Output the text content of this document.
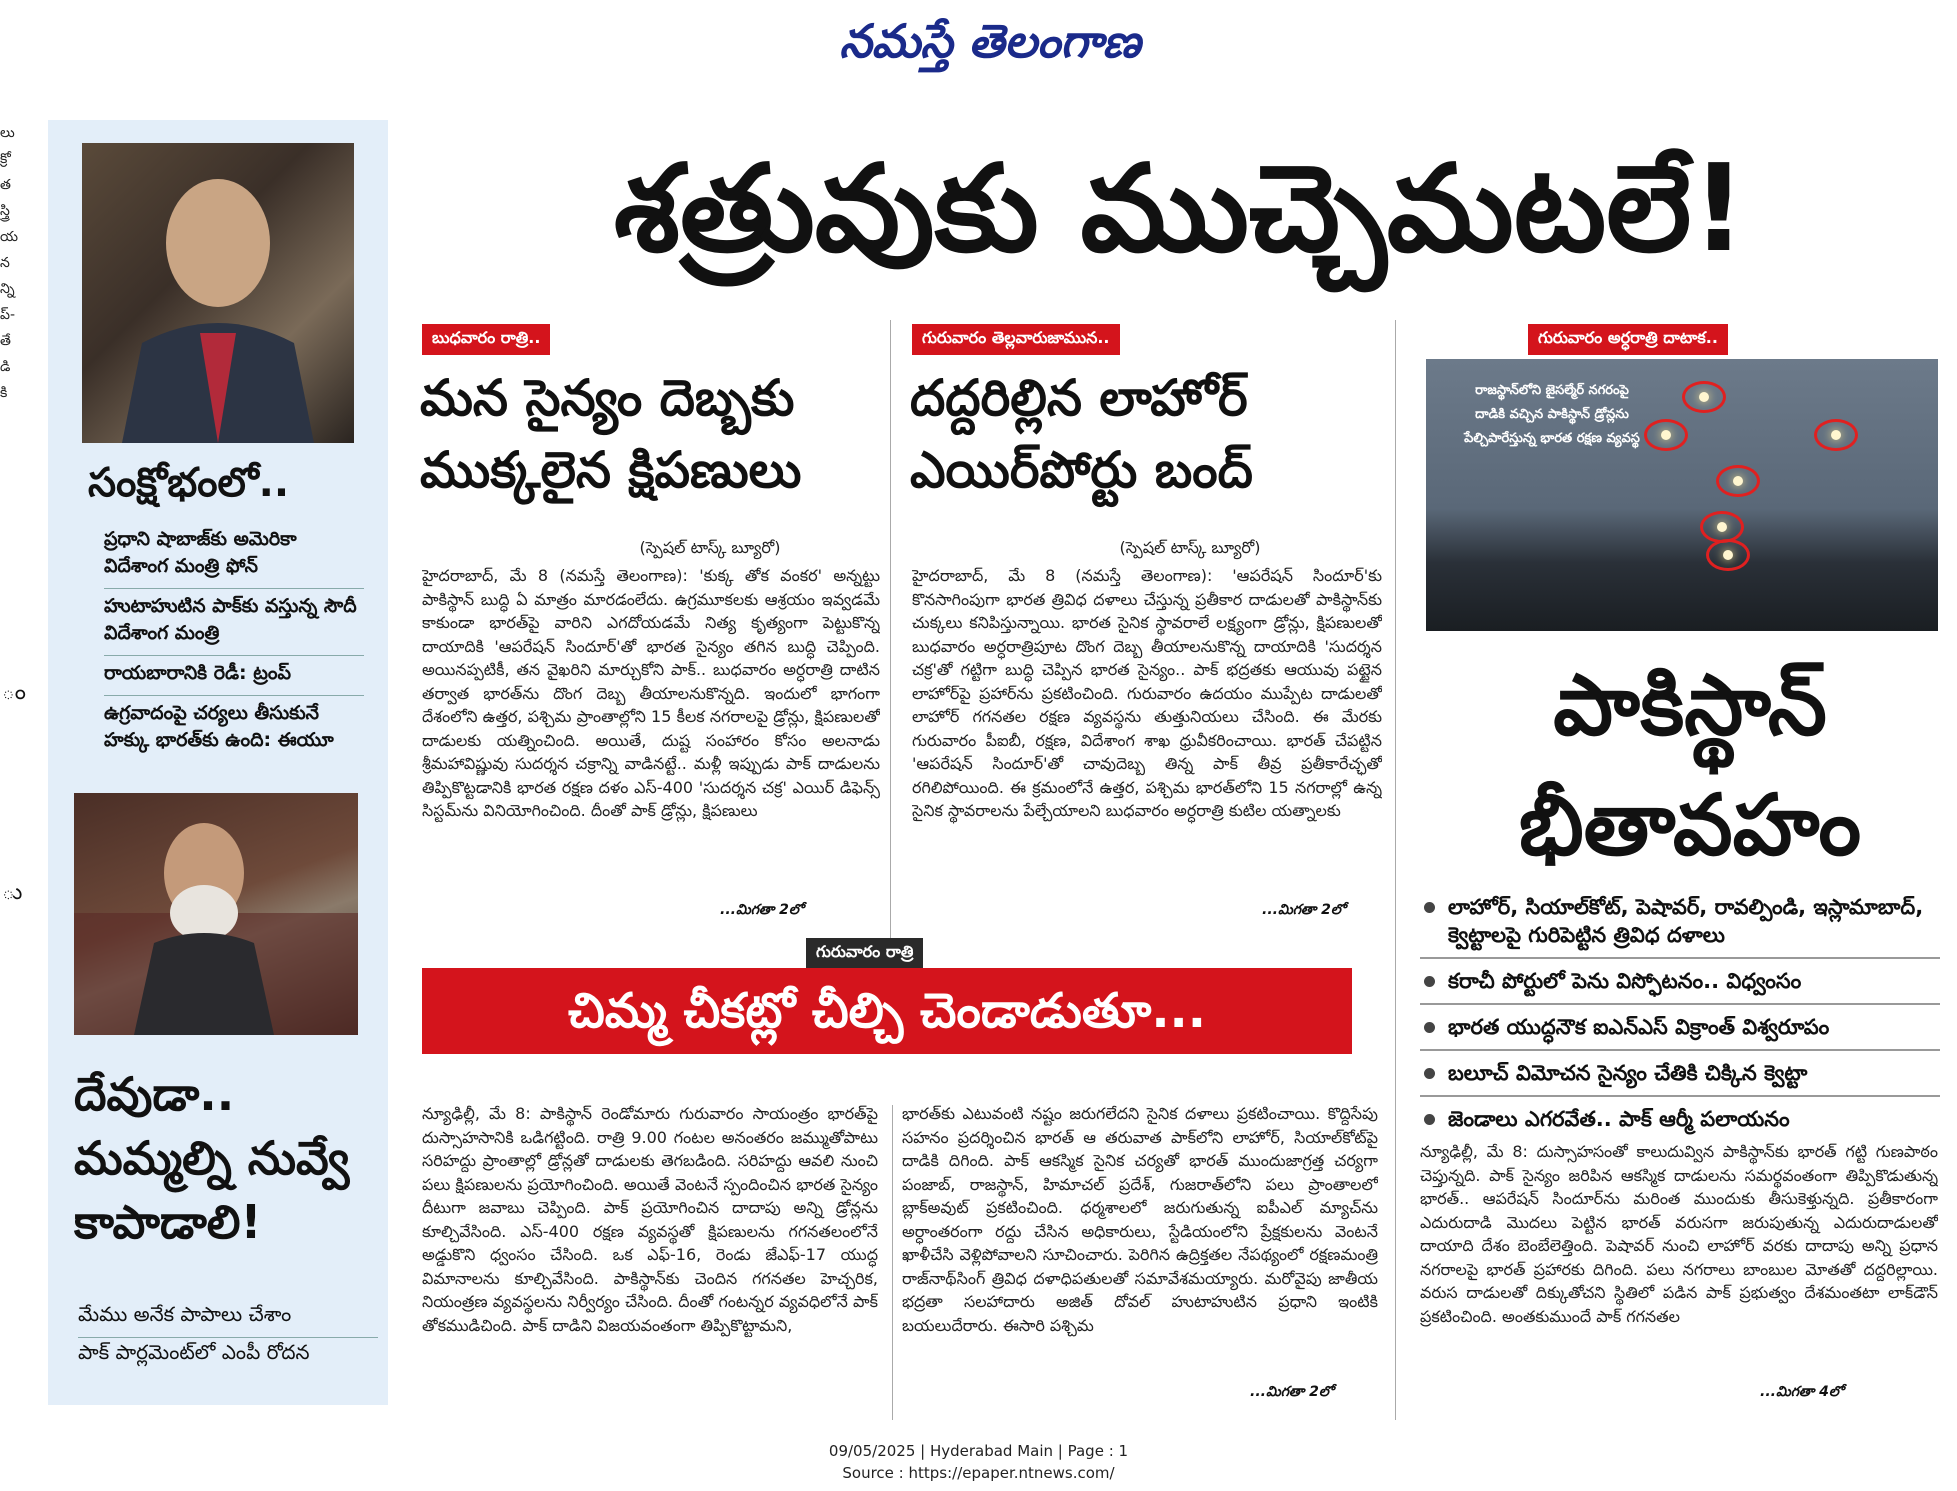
నమస్తే తెలంగాణ
లు
క్రో
త
స్త్రి
య
న
న్ని
ప్-
తే
డి కి
ం
ు
సంక్షోభంలో..

ప్రధాని షాబాజ్‌కు అమెరికా విదేశాంగ మంత్రి ఫోన్

హుటాహుటిన పాక్‌కు వస్తున్న సౌదీ విదేశాంగ మంత్రి

రాయబారానికి రెడీ: ట్రంప్

ఉగ్రవాదంపై చర్యలు తీసుకునే హక్కు భారత్‌కు ఉంది: ఈయూ

దేవుడా.. మమ్మల్ని నువ్వే కాపాడాలి!
మేము అనేక పాపాలు చేశాం
పాక్ పార్లమెంట్‌లో ఎంపీ రోదన
శత్రువుకు ముచ్చెమటలే!
బుధవారం రాత్రి..
మన సైన్యం దెబ్బకు ముక్కలైన క్షిపణులు
(స్పెషల్ టాస్క్ బ్యూరో)

హైదరాబాద్, మే 8 (నమస్తే తెలంగాణ): 'కుక్క తోక వంకర' అన్నట్టు పాకిస్థాన్ బుద్ధి ఏ మాత్రం మారడంలేదు. ఉగ్రమూకలకు ఆశ్రయం ఇవ్వడమే కాకుండా భారత్‌పై వారిని ఎగదోయడమే నిత్య కృత్యంగా పెట్టుకొన్న దాయాదికి 'ఆపరేషన్ సిందూర్'తో భారత సైన్యం తగిన బుద్ధి చెప్పింది. అయినప్పటికీ, తన వైఖరిని మార్చుకోని పాక్.. బుధవారం అర్ధరాత్రి దాటిన తర్వాత భారత్‌ను దొంగ దెబ్బ తీయాలనుకొన్నది. ఇందులో భాగంగా దేశంలోని ఉత్తర, పశ్చిమ ప్రాంతాల్లోని 15 కీలక నగరాలపై డ్రోన్లు, క్షిపణులతో దాడులకు యత్నించింది. అయితే, దుష్ట సంహారం కోసం అలనాడు శ్రీమహావిష్ణువు సుదర్శన చక్రాన్ని వాడినట్టే.. మళ్లీ ఇప్పుడు పాక్ దాడులను తిప్పికొట్టడానికి భారత రక్షణ దళం ఎస్-400 'సుదర్శన చక్ర' ఎయిర్ డిఫెన్స్ సిస్టమ్‌ను వినియోగించింది. దీంతో పాక్ డ్రోన్లు, క్షిపణులు

...మిగతా 2లో
గురువారం తెల్లవారుజామున..
దద్దరిల్లిన లాహోర్ ఎయిర్‌పోర్టు బంద్
(స్పెషల్ టాస్క్ బ్యూరో)

హైదరాబాద్, మే 8 (నమస్తే తెలంగాణ): 'ఆపరేషన్ సిందూర్'కు కొనసాగింపుగా భారత త్రివిధ దళాలు చేస్తున్న ప్రతీకార దాడులతో పాకిస్థాన్‌కు చుక్కలు కనిపిస్తున్నాయి. భారత సైనిక స్థావరాలే లక్ష్యంగా డ్రోన్లు, క్షిపణులతో బుధవారం అర్ధరాత్రిపూట దొంగ దెబ్బ తీయాలనుకొన్న దాయాదికి 'సుదర్శన చక్ర'తో గట్టిగా బుద్ధి చెప్పిన భారత సైన్యం.. పాక్ భద్రతకు ఆయువు పట్టైన లాహోర్‌పై ప్రహార్‌ను ప్రకటించింది. గురువారం ఉదయం ముప్పేట దాడులతో లాహోర్ గగనతల రక్షణ వ్యవస్థను తుత్తునియలు చేసింది. ఈ మేరకు గురువారం పీఐబీ, రక్షణ, విదేశాంగ శాఖ ధ్రువీకరించాయి. భారత్ చేపట్టిన 'ఆపరేషన్ సిందూర్'తో చావుదెబ్బ తిన్న పాక్ తీవ్ర ప్రతీకారేచ్ఛతో రగిలిపోయింది. ఈ క్రమంలోనే ఉత్తర, పశ్చిమ భారత్‌లోని 15 నగరాల్లో ఉన్న సైనిక స్థావరాలను పేల్చేయాలని బుధవారం అర్ధరాత్రి కుటిల యత్నాలకు

...మిగతా 2లో
గురువారం అర్ధరాత్రి దాటాక..
రాజస్థాన్‌లోని జైసల్మేర్ నగరంపై దాడికి వచ్చిన పాకిస్థాన్ డ్రోన్లను పేల్చిపారేస్తున్న భారత రక్షణ వ్యవస్థ
పాకిస్థాన్ భీతావహం
లాహోర్, సియాల్‌కోట్, పెషావర్, రావల్పిండి, ఇస్లామాబాద్, క్వెట్టాలపై గురిపెట్టిన త్రివిధ దళాలు
కరాచీ పోర్టులో పెను విస్ఫోటనం.. విధ్వంసం
భారత యుద్ధనౌక ఐఎన్ఎస్ విక్రాంత్ విశ్వరూపం
బలూచ్ విమోచన సైన్యం చేతికి చిక్కిన క్వెట్టా
జెండాలు ఎగరవేత.. పాక్ ఆర్మీ పలాయనం

న్యూఢిల్లీ, మే 8: దుస్సాహసంతో కాలుదువ్విన పాకిస్థాన్‌కు భారత్ గట్టి గుణపాఠం చెప్తున్నది. పాక్ సైన్యం జరిపిన ఆకస్మిక దాడులను సమర్థవంతంగా తిప్పికొడుతున్న భారత్.. ఆపరేషన్ సిందూర్‌ను మరింత ముందుకు తీసుకెళ్తున్నది. ప్రతీకారంగా ఎదురుదాడి మొదలు పెట్టిన భారత్ వరుసగా జరుపుతున్న ఎదురుదాడులతో దాయాది దేశం బెంబేలెత్తింది. పెషావర్ నుంచి లాహోర్ వరకు దాదాపు అన్ని ప్రధాన నగరాలపై భారత్ ప్రహారకు దిగింది. పలు నగరాలు బాంబుల మోతతో దద్దరిల్లాయి. వరుస దాడులతో దిక్కుతోచని స్థితిలో పడిన పాక్ ప్రభుత్వం దేశమంతటా లాక్‌డౌన్ ప్రకటించింది. అంతకుముందే పాక్ గగనతల

...మిగతా 4లో
గురువారం రాత్రి
చిమ్మ చీకట్లో చీల్చి చెండాడుతూ...

న్యూఢిల్లీ, మే 8: పాకిస్థాన్ రెండోమారు గురువారం సాయంత్రం భారత్‌పై దుస్సాహసానికి ఒడిగట్టింది. రాత్రి 9.00 గంటల అనంతరం జమ్ముతోపాటు సరిహద్దు ప్రాంతాల్లో డ్రోన్లతో దాడులకు తెగబడింది. సరిహద్దు ఆవలి నుంచి పలు క్షిపణులను ప్రయోగించింది. అయితే వెంటనే స్పందించిన భారత సైన్యం దీటుగా జవాబు చెప్పింది. పాక్ ప్రయోగించిన దాదాపు అన్ని డ్రోన్లను కూల్చివేసింది. ఎస్-400 రక్షణ వ్యవస్థతో క్షిపణులను గగనతలంలోనే అడ్డుకొని ధ్వంసం చేసింది. ఒక ఎఫ్-16, రెండు జేఎఫ్-17 యుద్ధ విమానాలను కూల్చివేసింది. పాకిస్థాన్‌కు చెందిన గగనతల హెచ్చరిక, నియంత్రణ వ్యవస్థలను నిర్వీర్యం చేసింది. దీంతో గంటన్నర వ్యవధిలోనే పాక్ తోకముడిచింది. పాక్ దాడిని విజయవంతంగా తిప్పికొట్టామని,

భారత్‌కు ఎటువంటి నష్టం జరుగలేదని సైనిక దళాలు ప్రకటించాయి. కొద్దిసేపు సహనం ప్రదర్శించిన భారత్ ఆ తరువాత పాక్‌లోని లాహోర్, సియాల్‌కోట్‌పై దాడికి దిగింది. పాక్ ఆకస్మిక సైనిక చర్యతో భారత్ ముందుజాగ్రత్త చర్యగా పంజాబ్, రాజస్థాన్, హిమాచల్ ప్రదేశ్, గుజరాత్‌లోని పలు ప్రాంతాలలో బ్లాక్‌అవుట్ ప్రకటించింది. ధర్మశాలలో జరుగుతున్న ఐపీఎల్ మ్యాచ్‌ను అర్ధాంతరంగా రద్దు చేసిన అధికారులు, స్టేడియంలోని ప్రేక్షకులను వెంటనే ఖాళీచేసి వెళ్లిపోవాలని సూచించారు. పెరిగిన ఉద్రిక్తతల నేపథ్యంలో రక్షణమంత్రి రాజ్‌నాథ్‌సింగ్ త్రివిధ దళాధిపతులతో సమావేశమయ్యారు. మరోవైపు జాతీయ భద్రతా సలహాదారు అజిత్ దోవల్ హుటాహుటిన ప్రధాని ఇంటికి బయలుదేరారు. ఈసారి పశ్చిమ

...మిగతా 2లో
09/05/2025 | Hyderabad Main | Page : 1
Source : https://epaper.ntnews.com/
